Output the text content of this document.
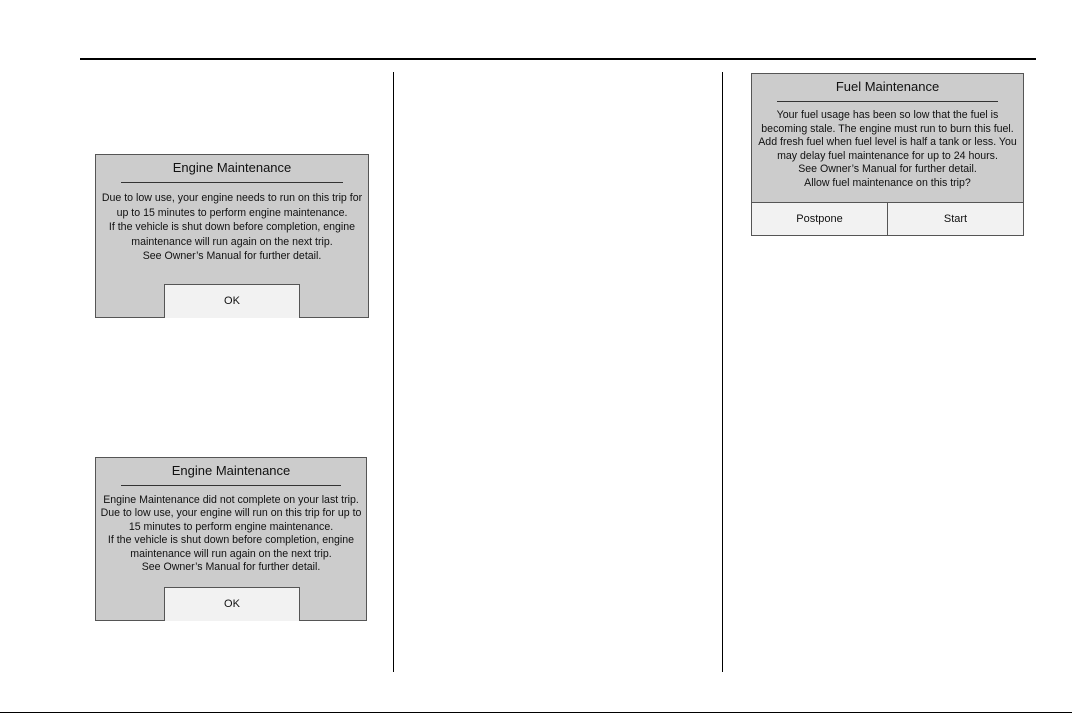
Engine Maintenance
Due to low use, your engine needs to run on this trip for
up to 15 minutes to perform engine maintenance.
If the vehicle is shut down before completion, engine
maintenance will run again on the next trip.
See Owner’s Manual for further detail.
OK
Engine Maintenance
Engine Maintenance did not complete on your last trip.
Due to low use, your engine will run on this trip for up to
15 minutes to perform engine maintenance.
If the vehicle is shut down before completion, engine
maintenance will run again on the next trip.
See Owner’s Manual for further detail.
OK
Fuel Maintenance
Your fuel usage has been so low that the fuel is
becoming stale. The engine must run to burn this fuel.
Add fresh fuel when fuel level is half a tank or less. You
may delay fuel maintenance for up to 24 hours.
See Owner’s Manual for further detail.
Allow fuel maintenance on this trip?
Postpone	Start
